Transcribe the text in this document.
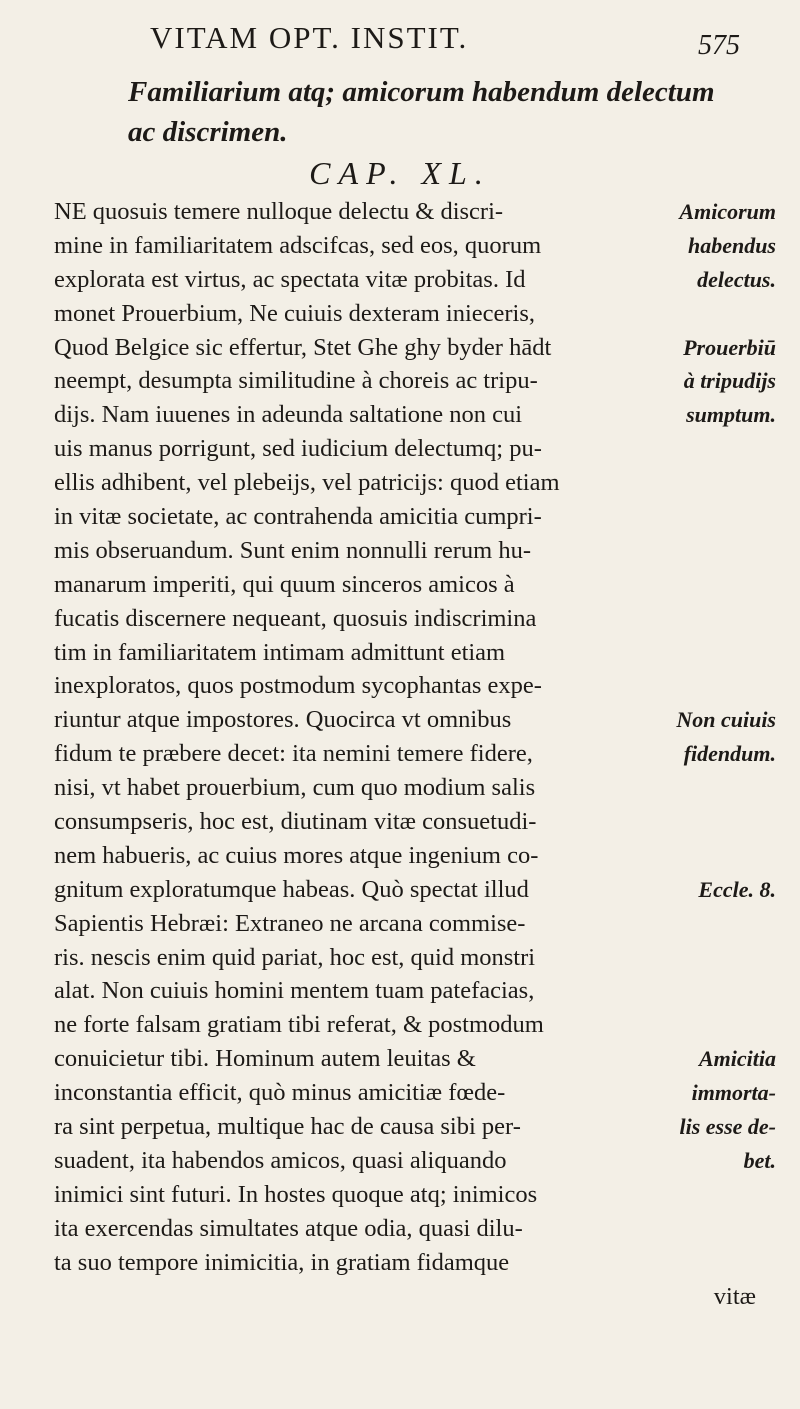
VITAM OPT. INSTIT.	575
Familiarium atq; amicorum habendum delectum
ac discrimen.
CAP. XL.
NE quosuis temere nulloque delectu & discri-	Amicorum
mine in familiaritatem adscifcas, sed eos, quorum	habendus
explorata est virtus, ac spectata vitæ probitas. Id	delectus.
monet Prouerbium, Ne cuiuis dexteram inieceris,
Quod Belgice sic effertur, Stet Ghe ghy byder hādt	Prouerbiū
neempt, desumpta similitudine à choreis ac tripu-	à tripudijs
dijs. Nam iuuenes in adeunda saltatione non cui	sumptum.
uis manus porrigunt, sed iudicium delectumq; pu-
ellis adhibent, vel plebeijs, vel patricijs: quod etiam
in vitæ societate, ac contrahenda amicitia cumpri-
mis obseruandum. Sunt enim nonnulli rerum hu-
manarum imperiti, qui quum sinceros amicos à
fucatis discernere nequeant, quosuis indiscrimina
tim in familiaritatem intimam admittunt etiam
inexploratos, quos postmodum sycophantas expe-
riuntur atque impostores. Quocirca vt omnibus	Non cuiuis
fidum te præbere decet: ita nemini temere fidere,	fidendum.
nisi, vt habet prouerbium, cum quo modium salis
consumpseris, hoc est, diutinam vitæ consuetudi-
nem habueris, ac cuius mores atque ingenium co-
gnitum exploratumque habeas. Quò spectat illud	Eccle. 8.
Sapientis Hebræi: Extraneo ne arcana commise-
ris. nescis enim quid pariat, hoc est, quid monstri
alat. Non cuiuis homini mentem tuam patefacias,
ne forte falsam gratiam tibi referat, & postmodum
conuicietur tibi. Hominum autem leuitas &	Amicitia
inconstantia efficit, quò minus amicitiæ fœde-	immorta-
ra sint perpetua, multique hac de causa sibi per-	lis esse de-
suadent, ita habendos amicos, quasi aliquando	bet.
inimici sint futuri. In hostes quoque atq; inimicos
ita exercendas simultates atque odia, quasi dilu-
ta suo tempore inimicitia, in gratiam fidamque
vitæ
